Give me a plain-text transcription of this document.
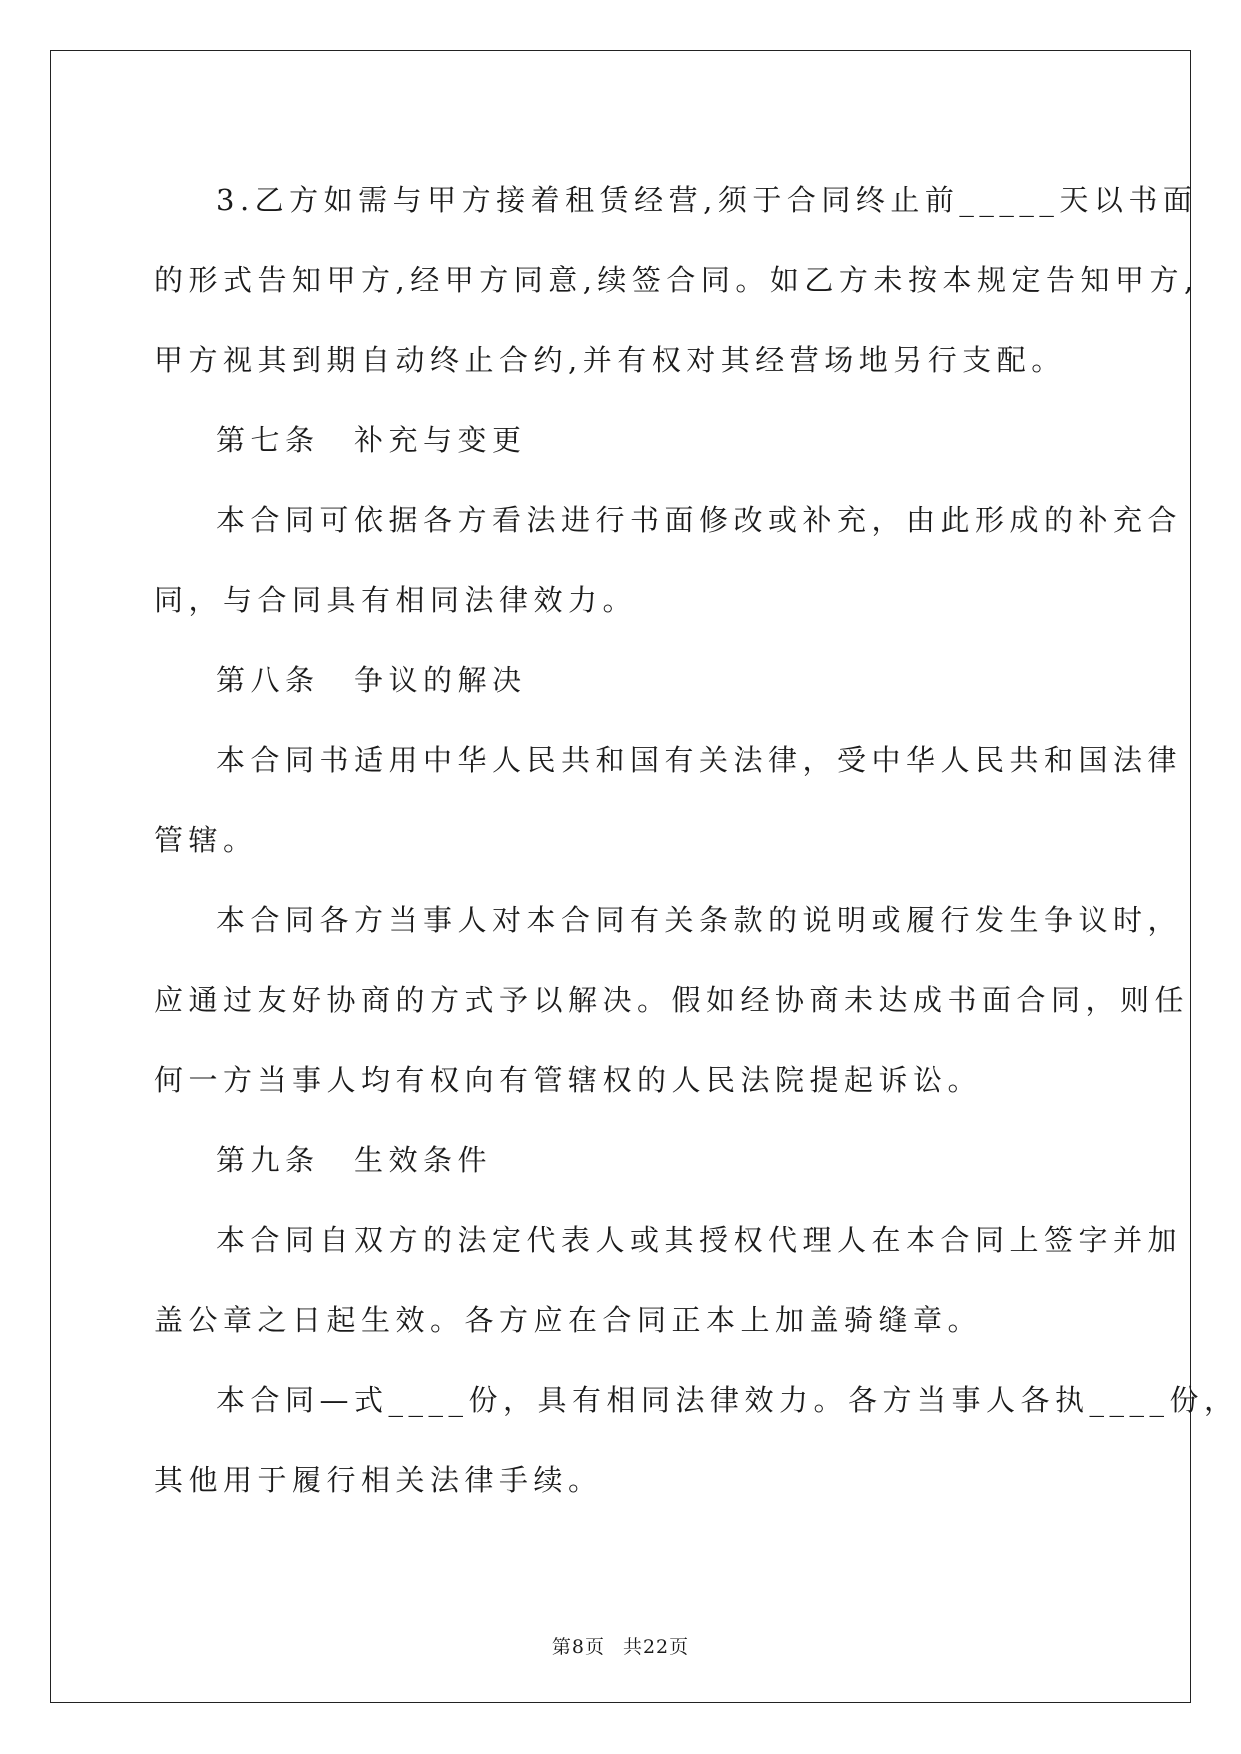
3.乙方如需与甲方接着租赁经营,须于合同终止前_____天以书面
的形式告知甲方,经甲方同意,续签合同。如乙方未按本规定告知甲方,
甲方视其到期自动终止合约,并有权对其经营场地另行支配。
第七条　补充与变更
本合同可依据各方看法进行书面修改或补充，由此形成的补充合
同，与合同具有相同法律效力。
第八条　争议的解决
本合同书适用中华人民共和国有关法律，受中华人民共和国法律
管辖。
本合同各方当事人对本合同有关条款的说明或履行发生争议时，
应通过友好协商的方式予以解决。假如经协商未达成书面合同，则任
何一方当事人均有权向有管辖权的人民法院提起诉讼。
第九条　生效条件
本合同自双方的法定代表人或其授权代理人在本合同上签字并加
盖公章之日起生效。各方应在合同正本上加盖骑缝章。
本合同—式____份，具有相同法律效力。各方当事人各执____份，
其他用于履行相关法律手续。
第8页 共22页
